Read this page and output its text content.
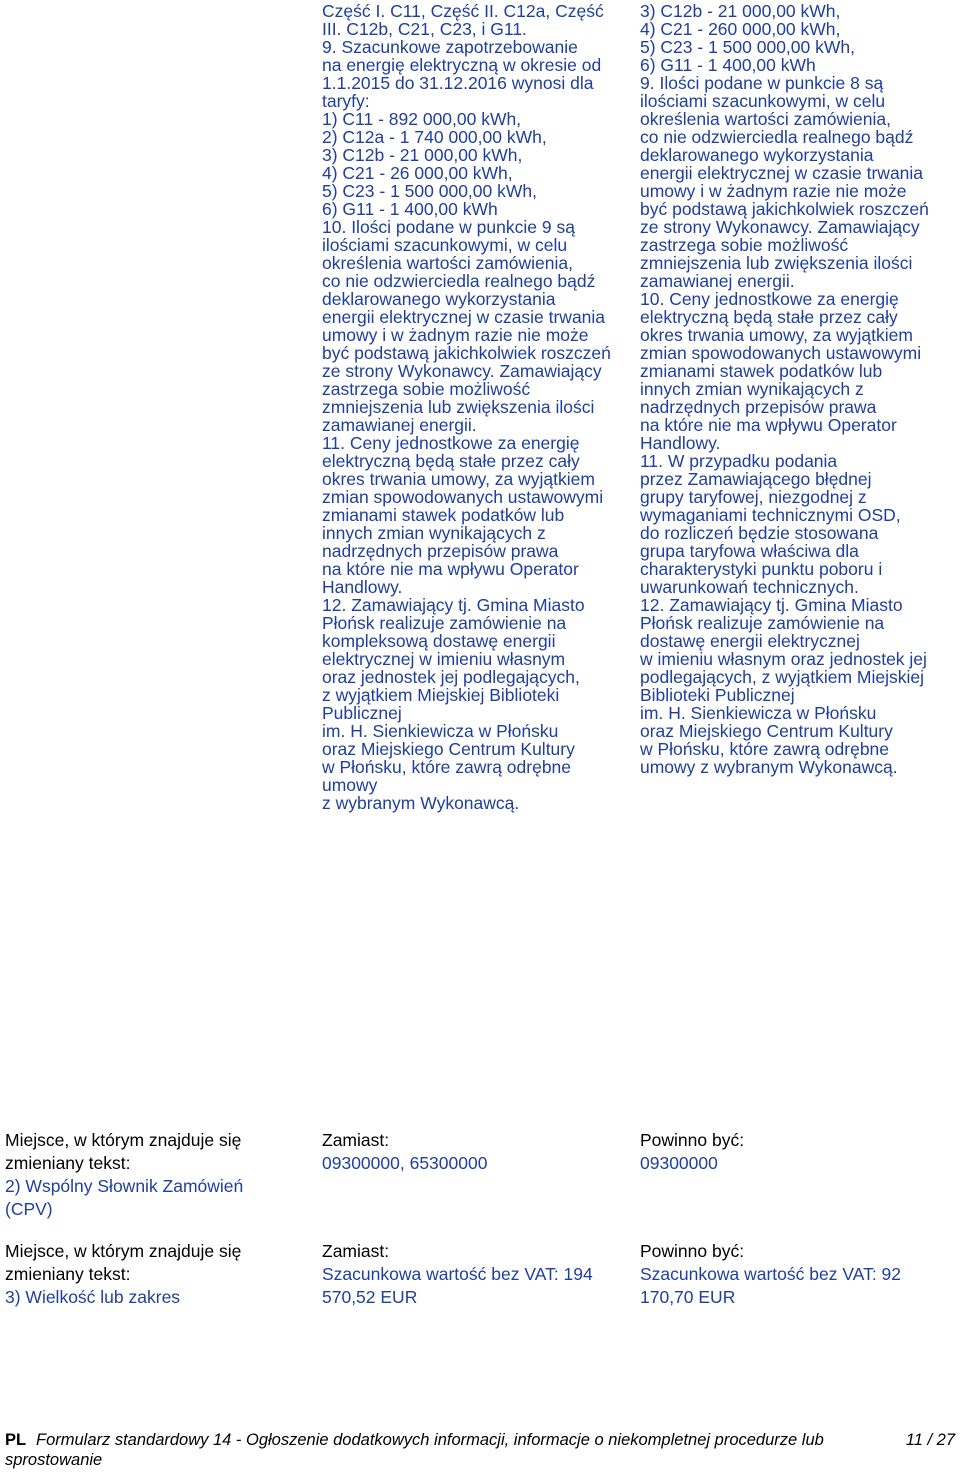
Część I. C11, Część II. C12a, Część
III. C12b, C21, C23, i G11.
9. Szacunkowe zapotrzebowanie
na energię elektryczną w okresie od
1.1.2015 do 31.12.2016 wynosi dla
taryfy:
1) C11 - 892 000,00 kWh,
2) C12a - 1 740 000,00 kWh,
3) C12b - 21 000,00 kWh,
4) C21 - 26 000,00 kWh,
5) C23 - 1 500 000,00 kWh,
6) G11 - 1 400,00 kWh
10. Ilości podane w punkcie 9 są
ilościami szacunkowymi, w celu
określenia wartości zamówienia,
co nie odzwierciedla realnego bądź
deklarowanego wykorzystania
energii elektrycznej w czasie trwania
umowy i w żadnym razie nie może
być podstawą jakichkolwiek roszczeń
ze strony Wykonawcy. Zamawiający
zastrzega sobie możliwość
zmniejszenia lub zwiększenia ilości
zamawianej energii.
11. Ceny jednostkowe za energię
elektryczną będą stałe przez cały
okres trwania umowy, za wyjątkiem
zmian spowodowanych ustawowymi
zmianami stawek podatków lub
innych zmian wynikających z
nadrzędnych przepisów prawa
na które nie ma wpływu Operator
Handlowy.
12. Zamawiający tj. Gmina Miasto
Płońsk realizuje zamówienie na
kompleksową dostawę energii
elektrycznej w imieniu własnym
oraz jednostek jej podlegających,
z wyjątkiem Miejskiej Biblioteki
Publicznej
im. H. Sienkiewicza w Płońsku
oraz Miejskiego Centrum Kultury
w Płońsku, które zawrą odrębne
umowy
z wybranym Wykonawcą.
3) C12b - 21 000,00 kWh,
4) C21 - 260 000,00 kWh,
5) C23 - 1 500 000,00 kWh,
6) G11 - 1 400,00 kWh
9. Ilości podane w punkcie 8 są
ilościami szacunkowymi, w celu
określenia wartości zamówienia,
co nie odzwierciedla realnego bądź
deklarowanego wykorzystania
energii elektrycznej w czasie trwania
umowy i w żadnym razie nie może
być podstawą jakichkolwiek roszczeń
ze strony Wykonawcy. Zamawiający
zastrzega sobie możliwość
zmniejszenia lub zwiększenia ilości
zamawianej energii.
10. Ceny jednostkowe za energię
elektryczną będą stałe przez cały
okres trwania umowy, za wyjątkiem
zmian spowodowanych ustawowymi
zmianami stawek podatków lub
innych zmian wynikających z
nadrzędnych przepisów prawa
na które nie ma wpływu Operator
Handlowy.
11. W przypadku podania
przez Zamawiającego błędnej
grupy taryfowej, niezgodnej z
wymaganiami technicznymi OSD,
do rozliczeń będzie stosowana
grupa taryfowa właściwa dla
charakterystyki punktu poboru i
uwarunkowań technicznych.
12. Zamawiający tj. Gmina Miasto
Płońsk realizuje zamówienie na
dostawę energii elektrycznej
w imieniu własnym oraz jednostek jej
podlegających, z wyjątkiem Miejskiej
Biblioteki Publicznej
im. H. Sienkiewicza w Płońsku
oraz Miejskiego Centrum Kultury
w Płońsku, które zawrą odrębne
umowy z wybranym Wykonawcą.
Miejsce, w którym znajduje się
zmieniany tekst:
2) Wspólny Słownik Zamówień
(CPV)
Zamiast:
09300000, 65300000
Powinno być:
09300000
Miejsce, w którym znajduje się
zmieniany tekst:
3) Wielkość lub zakres
Zamiast:
Szacunkowa wartość bez VAT: 194
570,52 EUR
Powinno być:
Szacunkowa wartość bez VAT: 92
170,70 EUR
PL Formularz standardowy 14 - Ogłoszenie dodatkowych informacji, informacje o niekompletnej procedurze lub
sprostowanie
11 / 27
